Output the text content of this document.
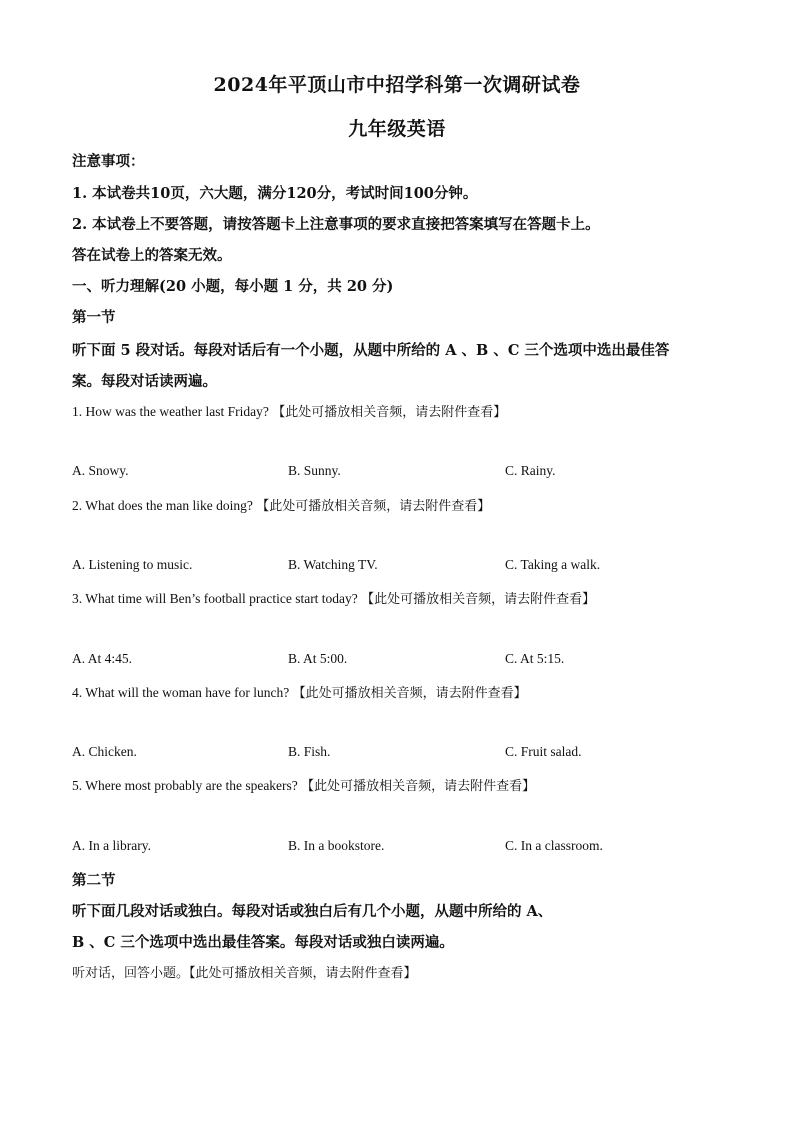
2024年平顶山市中招学科第一次调研试卷
九年级英语
注意事项：
1. 本试卷共10页，六大题，满分120分，考试时间100分钟。
2. 本试卷上不要答题，请按答题卡上注意事项的要求直接把答案填写在答题卡上。
答在试卷上的答案无效。
一、听力理解(20 小题，每小题 1 分，共 20 分)
第一节
听下面 5 段对话。每段对话后有一个小题，从题中所给的 A 、B 、C 三个选项中选出最佳答
案。每段对话读两遍。
1. How was the weather last Friday? 【此处可播放相关音频，请去附件查看】
A. Snowy.	B. Sunny.	C. Rainy.
2. What does the man like doing? 【此处可播放相关音频，请去附件查看】
A. Listening to music.	B. Watching TV.	C. Taking a walk.
3. What time will Ben’s football practice start today? 【此处可播放相关音频，请去附件查看】
A. At 4:45.	B. At 5:00.	C. At 5:15.
4. What will the woman have for lunch? 【此处可播放相关音频，请去附件查看】
A. Chicken.	B. Fish.	C. Fruit salad.
5. Where most probably are the speakers? 【此处可播放相关音频，请去附件查看】
A. In a library.	B. In a bookstore.	C. In a classroom.
第二节
听下面几段对话或独白。每段对话或独白后有几个小题，从题中所给的 A、
B 、C 三个选项中选出最佳答案。每段对话或独白读两遍。
听对话，回答小题。【此处可播放相关音频，请去附件查看】
